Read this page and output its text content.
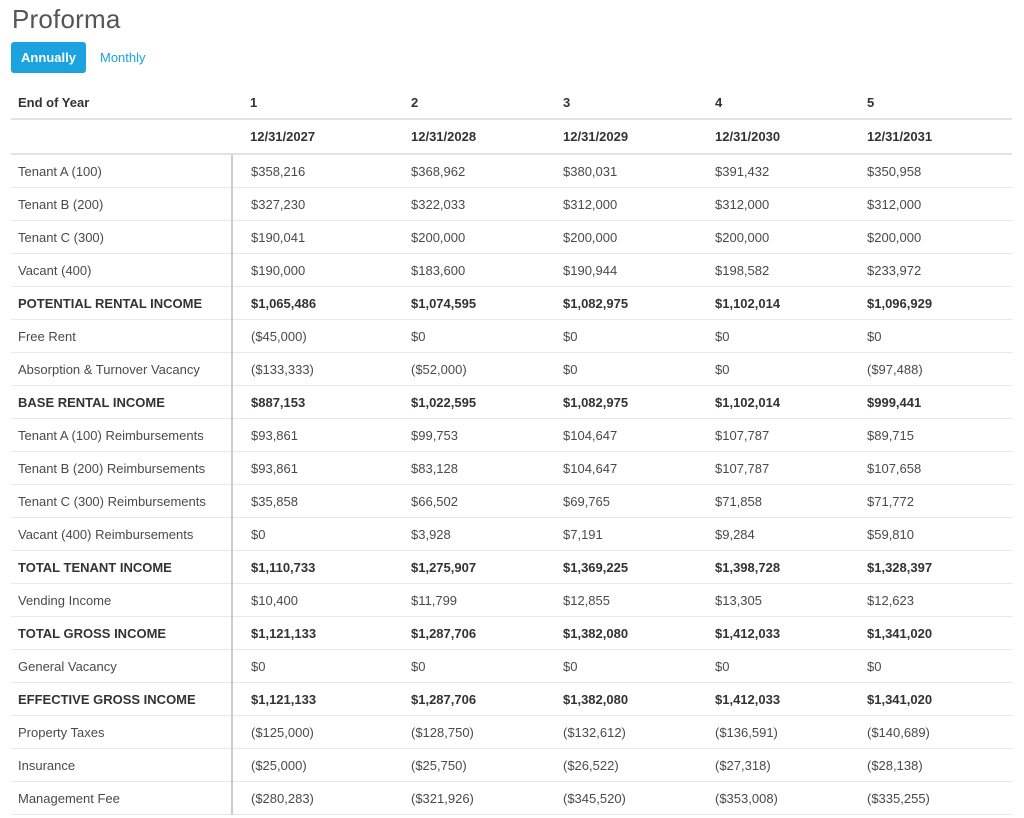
Proforma
Annually	Monthly
End of Year	1	2	3	4	5
	12/31/2027	12/31/2028	12/31/2029	12/31/2030	12/31/2031
Tenant A (100)	$358,216	$368,962	$380,031	$391,432	$350,958
Tenant B (200)	$327,230	$322,033	$312,000	$312,000	$312,000
Tenant C (300)	$190,041	$200,000	$200,000	$200,000	$200,000
Vacant (400)	$190,000	$183,600	$190,944	$198,582	$233,972
POTENTIAL RENTAL INCOME	$1,065,486	$1,074,595	$1,082,975	$1,102,014	$1,096,929
Free Rent	($45,000)	$0	$0	$0	$0
Absorption & Turnover Vacancy	($133,333)	($52,000)	$0	$0	($97,488)
BASE RENTAL INCOME	$887,153	$1,022,595	$1,082,975	$1,102,014	$999,441
Tenant A (100) Reimbursements	$93,861	$99,753	$104,647	$107,787	$89,715
Tenant B (200) Reimbursements	$93,861	$83,128	$104,647	$107,787	$107,658
Tenant C (300) Reimbursements	$35,858	$66,502	$69,765	$71,858	$71,772
Vacant (400) Reimbursements	$0	$3,928	$7,191	$9,284	$59,810
TOTAL TENANT INCOME	$1,110,733	$1,275,907	$1,369,225	$1,398,728	$1,328,397
Vending Income	$10,400	$11,799	$12,855	$13,305	$12,623
TOTAL GROSS INCOME	$1,121,133	$1,287,706	$1,382,080	$1,412,033	$1,341,020
General Vacancy	$0	$0	$0	$0	$0
EFFECTIVE GROSS INCOME	$1,121,133	$1,287,706	$1,382,080	$1,412,033	$1,341,020
Property Taxes	($125,000)	($128,750)	($132,612)	($136,591)	($140,689)
Insurance	($25,000)	($25,750)	($26,522)	($27,318)	($28,138)
Management Fee	($280,283)	($321,926)	($345,520)	($353,008)	($335,255)
